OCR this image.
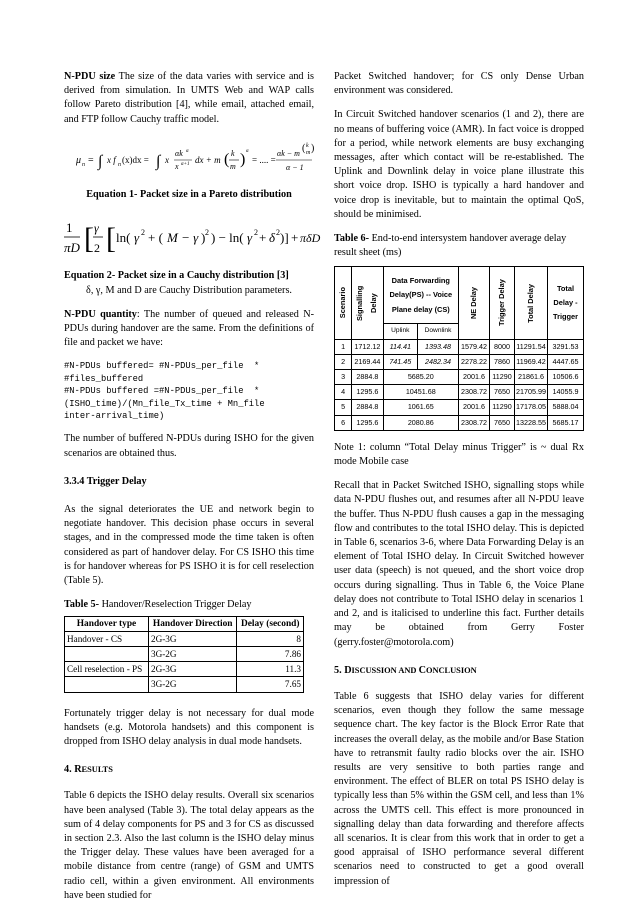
N-PDU size The size of the data varies with service and is derived from simulation. In UMTS Web and WAP calls follow Pareto distribution [4], while email, attached email, and FTP follow Cauchy traffic model.

μ n = ∫ x f n (x)dx = ∫ x
αk α
x α+1 dx + m ( k
m ) α
= .... =
αk − m ( k
m )
α − 1
Equation 1- Packet size in a Pareto distribution
1
πD [ γ
2 [ ln( γ 2 + ( M − γ ) 2 ) − ln( γ 2 + δ 2 )] + πδD
Equation 2- Packet size in a Cauchy distribution [3]
δ, γ, M and D are Cauchy Distribution parameters.

N-PDU quantity: The number of queued and released N-PDUs during handover are the same. From the definitions of file and packet we have:

#N-PDUs buffered= #N-PDUs_per_file  *
#files_buffered
#N-PDUs buffered =#N-PDUs_per_file  *
(ISHO_time)/(Mn_file_Tx_time + Mn_file
inter-arrival_time)

The number of buffered N-PDUs during ISHO for the given scenarios are obtained thus.

3.3.4 Trigger Delay

As the signal deteriorates the UE and network begin to negotiate handover. This decision phase occurs in several stages, and in the compressed mode the time taken is often considered as part of handover delay. For CS ISHO this time is for handover whereas for PS ISHO it is for cell reselection (Table 5).

Table 5- Handover/Reselection Trigger Delay
Handover type	Handover Direction	Delay (second)
Handover - CS	2G-3G	8
	3G-2G	7.86
Cell reselection - PS	2G-3G	11.3
	3G-2G	7.65

Fortunately trigger delay is not necessary for dual mode handsets (e.g. Motorola handsets) and this component is dropped from ISHO delay analysis in dual mode handsets.

4. RESULTS

Table 6 depicts the ISHO delay results. Overall six scenarios have been analysed (Table 3). The total delay appears as the sum of 4 delay components for PS and 3 for CS as discussed in section 2.3. Also the last column is the ISHO delay minus the Trigger delay. These values have been averaged for a mobile distance from centre (range) of GSM and UMTS radio cell, within a given environment. All environments have been studied for

Packet Switched handover; for CS only Dense Urban environment was considered.

In Circuit Switched handover scenarios (1 and 2), there are no means of buffering voice (AMR). In fact voice is dropped for a period, while network elements are busy exchanging messages, after which contact will be re-established. The Uplink and Downlink delay in voice plane illustrate this short voice drop. ISHO is typically a hard handover and voice drop is inevitable, but to maintain the optimal QoS, should be minimised.

Table 6- End-to-end intersystem handover average delay result sheet (ms)
Scenario	Signalling Delay	Data Forwarding Delay(PS) -- Voice Plane delay (CS)		NE Delay	Trigger Delay	Total Delay	Total Delay - Trigger
		Uplink	Downlink				
1	1712.12	114.41	1393.48	1579.42	8000	11291.54	3291.53
2	2169.44	741.45	2482.34	2278.22	7860	11969.42	4447.65
3	2884.8	5685.20		2001.6	11290	21861.6	10506.6
4	1295.6	10451.68		2308.72	7650	21705.99	14055.9
5	2884.8	1061.65		2001.6	11290	17178.05	5888.04
6	1295.6	2080.86		2308.72	7650	13228.55	5685.17

Note 1: column “Total Delay minus Trigger” is ~ dual Rx mode Mobile case

Recall that in Packet Switched ISHO, signalling stops while data N-PDU flushes out, and resumes after all N-PDU leave the buffer. Thus N-PDU flush causes a gap in the messaging flow and contributes to the total ISHO delay. This is depicted in Table 6, scenarios 3-6, where Data Forwarding Delay is an element of Total ISHO delay. In Circuit Switched however user data (speech) is not queued, and the short voice drop occurs during signalling. Thus in Table 6, the Voice Plane delay does not contribute to Total ISHO delay in scenarios 1 and 2, and is italicised to underline this fact. Further details may be obtained from Gerry Foster (gerry.foster@motorola.com)

5. DISCUSSION AND CONCLUSION

Table 6 suggests that ISHO delay varies for different scenarios, even though they follow the same message sequence chart. The key factor is the Block Error Rate that increases the overall delay, as the mobile and/or Base Station have to retransmit faulty radio blocks over the air. ISHO results are very sensitive to both parties range and environment. The effect of BLER on total PS ISHO delay is typically less than 5% within the GSM cell, and less than 1% across the UMTS cell. This effect is more pronounced in signalling delay than data forwarding and therefore affects all scenarios. It is clear from this work that in order to get a good appraisal of ISHO performance several different scenarios need to constructed to get a good overall impression of
